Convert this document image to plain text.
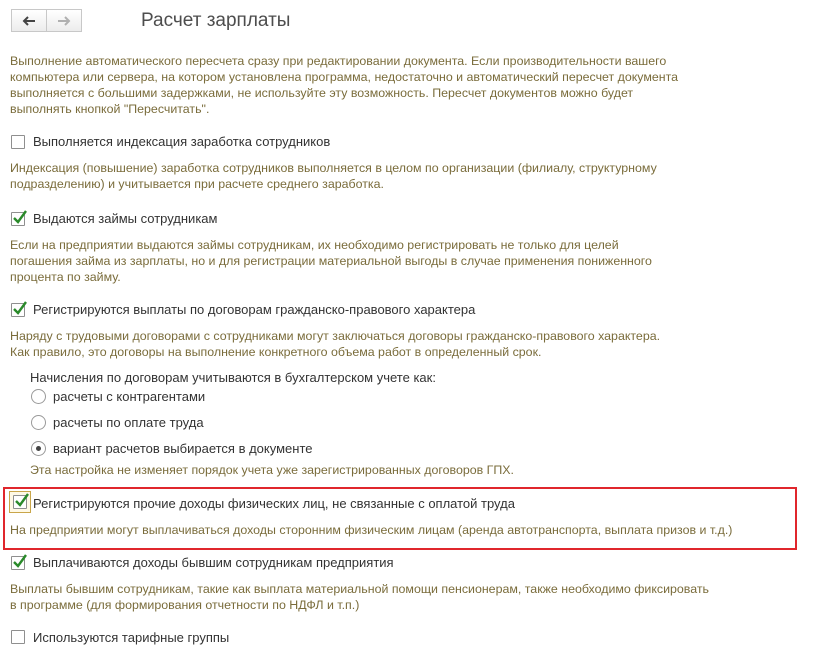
Расчет зарплаты
Выполнение автоматического пересчета сразу при редактировании документа. Если производительности вашего
компьютера или сервера, на котором установлена программа, недостаточно и автоматический пересчет документа
выполняется с большими задержками, не используйте эту возможность. Пересчет документов можно будет
выполнять кнопкой "Пересчитать".
Выполняется индексация заработка сотрудников
Индексация (повышение) заработка сотрудников выполняется в целом по организации (филиалу, структурному
подразделению) и учитывается при расчете среднего заработка.
Выдаются займы сотрудникам
Если на предприятии выдаются займы сотрудникам, их необходимо регистрировать не только для целей
погашения займа из зарплаты, но и для регистрации материальной выгоды в случае применения пониженного
процента по займу.
Регистрируются выплаты по договорам гражданско-правового характера
Наряду с трудовыми договорами с сотрудниками могут заключаться договоры гражданско-правового характера.
Как правило, это договоры на выполнение конкретного объема работ в определенный срок.
Начисления по договорам учитываются в бухгалтерском учете как:
расчеты с контрагентами
расчеты по оплате труда
вариант расчетов выбирается в документе
Эта настройка не изменяет порядок учета уже зарегистрированных договоров ГПХ.
Регистрируются прочие доходы физических лиц, не связанные с оплатой труда
На предприятии могут выплачиваться доходы сторонним физическим лицам (аренда автотранспорта, выплата призов и т.д.)
Выплачиваются доходы бывшим сотрудникам предприятия
Выплаты бывшим сотрудникам, такие как выплата материальной помощи пенсионерам, также необходимо фиксировать
в программе (для формирования отчетности по НДФЛ и т.п.)
Используются тарифные группы
